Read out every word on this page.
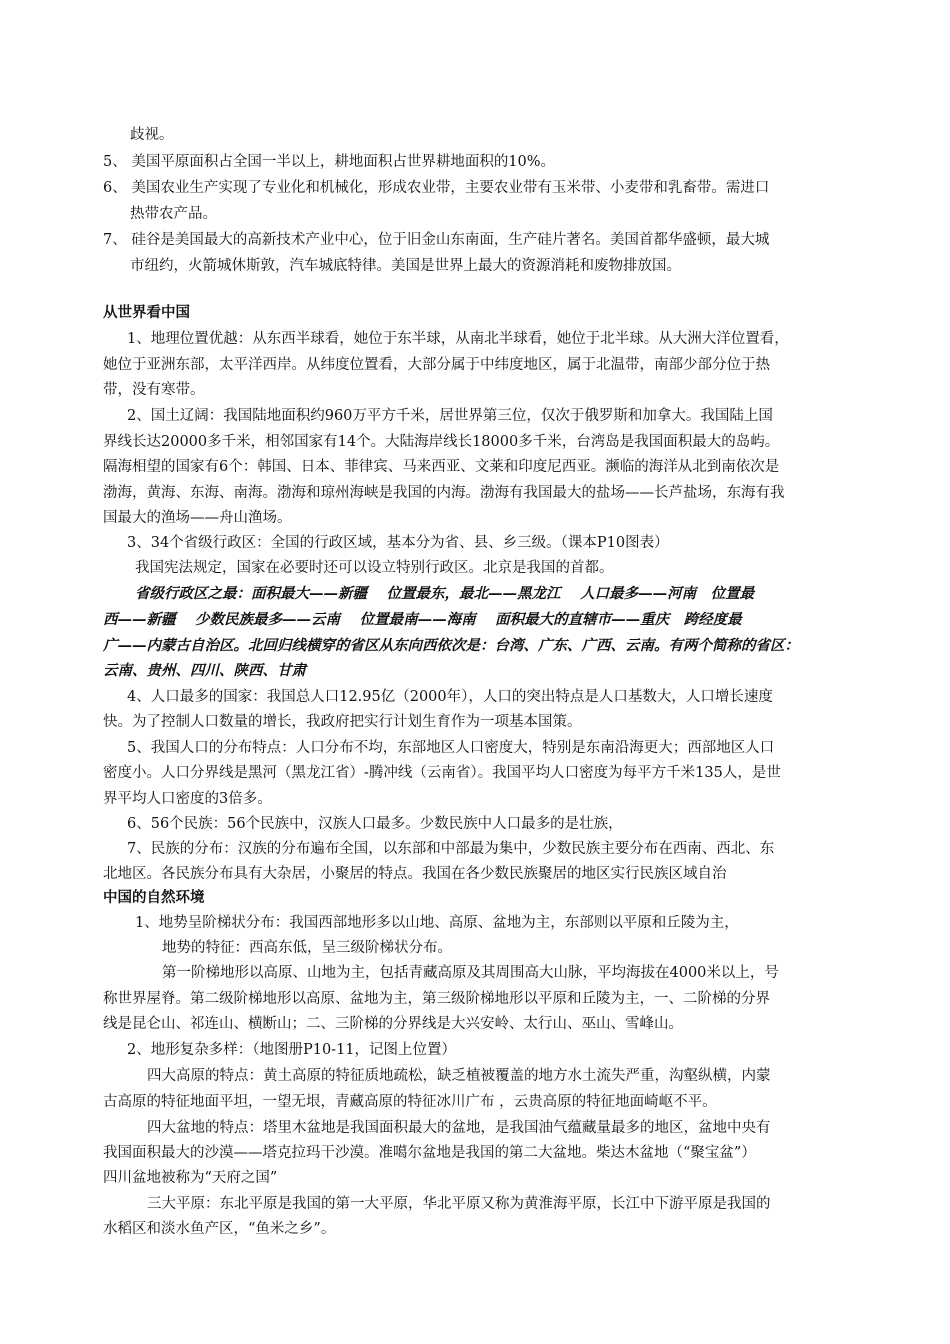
歧视。
5、 美国平原面积占全国一半以上，耕地面积占世界耕地面积的10%。
6、 美国农业生产实现了专业化和机械化，形成农业带，主要农业带有玉米带、小麦带和乳畜带。需进口
热带农产品。
7、 硅谷是美国最大的高新技术产业中心，位于旧金山东南面，生产硅片著名。美国首都华盛顿，最大城
市纽约，火箭城休斯敦，汽车城底特律。美国是世界上最大的资源消耗和废物排放国。
从世界看中国
1、地理位置优越：从东西半球看，她位于东半球，从南北半球看，她位于北半球。从大洲大洋位置看，
她位于亚洲东部，太平洋西岸。从纬度位置看，大部分属于中纬度地区，属于北温带，南部少部分位于热
带，没有寒带。
2、国土辽阔：我国陆地面积约960万平方千米，居世界第三位，仅次于俄罗斯和加拿大。我国陆上国
界线长达20000多千米，相邻国家有14个。大陆海岸线长18000多千米，台湾岛是我国面积最大的岛屿。
隔海相望的国家有6个：韩国、日本、菲律宾、马来西亚、文莱和印度尼西亚。濒临的海洋从北到南依次是
渤海，黄海、东海、南海。渤海和琼州海峡是我国的内海。渤海有我国最大的盐场——长芦盐场，东海有我
国最大的渔场——舟山渔场。
3、34个省级行政区：全国的行政区域，基本分为省、县、乡三级。（课本P10图表）
我国宪法规定，国家在必要时还可以设立特别行政区。北京是我国的首都。
省级行政区之最：面积最大——新疆　 位置最东，最北——黑龙江　 人口最多——河南　位置最
西——新疆　 少数民族最多——云南　 位置最南——海南　 面积最大的直辖市——重庆　跨经度最
广——内蒙古自治区。北回归线横穿的省区从东向西依次是：台湾、广东、广西、云南。有两个简称的省区：
云南、贵州、四川、陕西、甘肃
4、人口最多的国家：我国总人口12.95亿（2000年），人口的突出特点是人口基数大，人口增长速度
快。为了控制人口数量的增长，我政府把实行计划生育作为一项基本国策。
5、我国人口的分布特点：人口分布不均，东部地区人口密度大，特别是东南沿海更大；西部地区人口
密度小。人口分界线是黑河（黑龙江省）-腾冲线（云南省）。我国平均人口密度为每平方千米135人，是世
界平均人口密度的3倍多。
6、56个民族：56个民族中，汉族人口最多。少数民族中人口最多的是壮族，
7、民族的分布：汉族的分布遍布全国，以东部和中部最为集中，少数民族主要分布在西南、西北、东
北地区。各民族分布具有大杂居，小聚居的特点。我国在各少数民族聚居的地区实行民族区域自治
中国的自然环境
1、地势呈阶梯状分布：我国西部地形多以山地、高原、盆地为主，东部则以平原和丘陵为主，
地势的特征：西高东低，呈三级阶梯状分布。
第一阶梯地形以高原、山地为主，包括青藏高原及其周围高大山脉，平均海拔在4000米以上，号
称世界屋脊。第二级阶梯地形以高原、盆地为主，第三级阶梯地形以平原和丘陵为主，一、二阶梯的分界
线是昆仑山、祁连山、横断山；二、三阶梯的分界线是大兴安岭、太行山、巫山、雪峰山。
2、地形复杂多样：（地图册P10-11，记图上位置）
四大高原的特点：黄土高原的特征质地疏松，缺乏植被覆盖的地方水土流失严重，沟壑纵横，内蒙
古高原的特征地面平坦，一望无垠，青藏高原的特征冰川广布 ，云贵高原的特征地面崎岖不平。
四大盆地的特点：塔里木盆地是我国面积最大的盆地，是我国油气蕴藏量最多的地区，盆地中央有
我国面积最大的沙漠——塔克拉玛干沙漠。准噶尔盆地是我国的第二大盆地。柴达木盆地（“聚宝盆”）
四川盆地被称为“天府之国”
三大平原：东北平原是我国的第一大平原，华北平原又称为黄淮海平原，长江中下游平原是我国的
水稻区和淡水鱼产区，“鱼米之乡”。
